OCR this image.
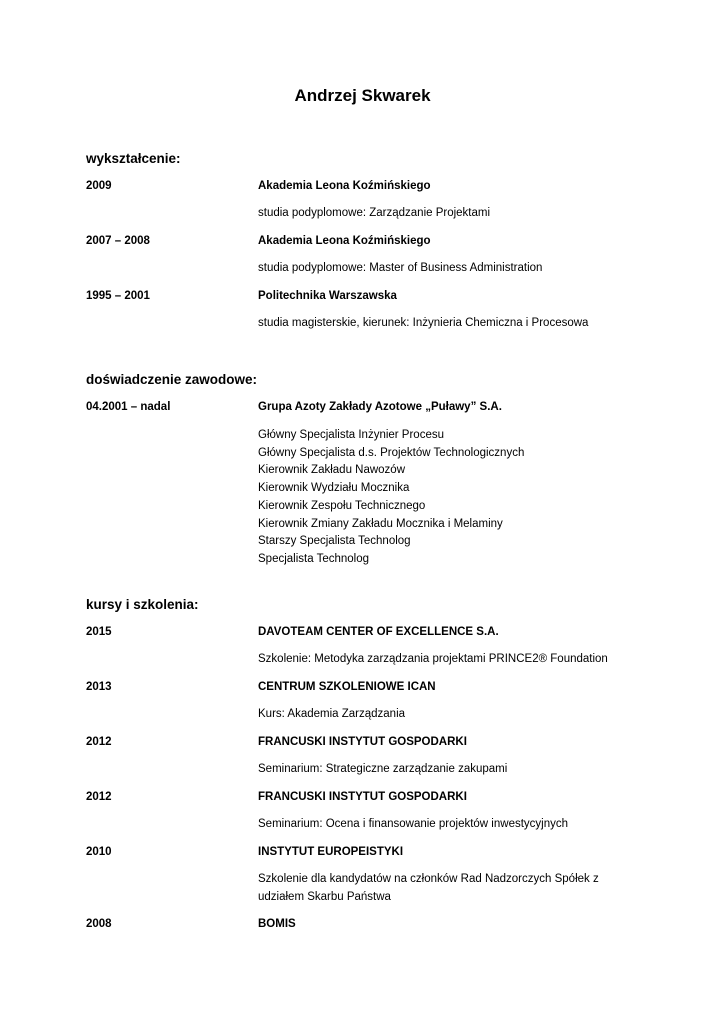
Andrzej Skwarek
wykształcenie:
2009	Akademia Leona Koźmińskiego
studia podyplomowe: Zarządzanie Projektami
2007 – 2008	Akademia Leona Koźmińskiego
studia podyplomowe: Master of Business Administration
1995 – 2001	Politechnika Warszawska
studia magisterskie, kierunek: Inżynieria Chemiczna i Procesowa
doświadczenie zawodowe:
04.2001 – nadal	Grupa Azoty Zakłady Azotowe „Puławy” S.A.
Główny Specjalista Inżynier Procesu
Główny Specjalista d.s. Projektów Technologicznych
Kierownik Zakładu Nawozów
Kierownik Wydziału Mocznika
Kierownik Zespołu Technicznego
Kierownik Zmiany Zakładu Mocznika i Melaminy
Starszy Specjalista Technolog
Specjalista Technolog
kursy i szkolenia:
2015	DAVOTEAM CENTER OF EXCELLENCE S.A.
Szkolenie: Metodyka zarządzania projektami PRINCE2® Foundation
2013	CENTRUM SZKOLENIOWE ICAN
Kurs: Akademia Zarządzania
2012	FRANCUSKI INSTYTUT GOSPODARKI
Seminarium: Strategiczne zarządzanie zakupami
2012	FRANCUSKI INSTYTUT GOSPODARKI
Seminarium: Ocena i finansowanie projektów inwestycyjnych
2010	INSTYTUT EUROPEISTYKI
Szkolenie dla kandydatów na członków Rad Nadzorczych Spółek z
udziałem Skarbu Państwa
2008	BOMIS
